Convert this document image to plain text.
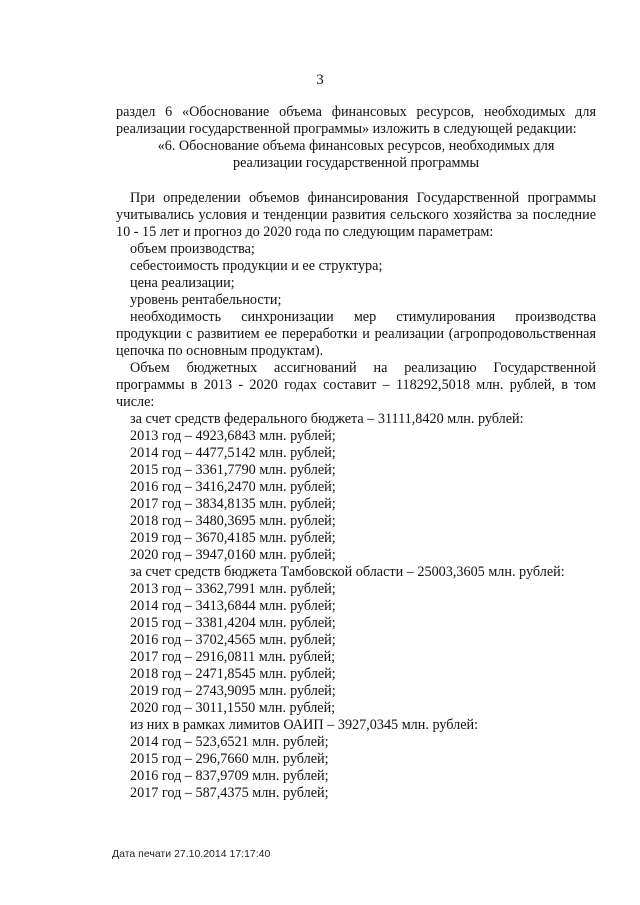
3
раздел 6 «Обоснование объема финансовых ресурсов, необходимых для
реализации государственной программы» изложить в следующей редакции:
«6. Обоснование объема финансовых ресурсов, необходимых для
реализации государственной программы
При определении объемов финансирования Государственной программы
учитывались условия и тенденции развития сельского хозяйства за последние
10 - 15 лет и прогноз до 2020 года по следующим параметрам:
объем производства;
себестоимость продукции и ее структура;
цена реализации;
уровень рентабельности;
необходимость синхронизации мер стимулирования производства
продукции с развитием ее переработки и реализации (агропродовольственная
цепочка по основным продуктам).
Объем бюджетных ассигнований на реализацию Государственной
программы в 2013 - 2020 годах составит – 118292,5018 млн. рублей, в том
числе:
за счет средств федерального бюджета – 31111,8420 млн. рублей:
2013 год – 4923,6843 млн. рублей;
2014 год – 4477,5142 млн. рублей;
2015 год – 3361,7790 млн. рублей;
2016 год – 3416,2470 млн. рублей;
2017 год – 3834,8135 млн. рублей;
2018 год – 3480,3695 млн. рублей;
2019 год – 3670,4185 млн. рублей;
2020 год – 3947,0160 млн. рублей;
за счет средств бюджета Тамбовской области – 25003,3605 млн. рублей:
2013 год – 3362,7991 млн. рублей;
2014 год – 3413,6844 млн. рублей;
2015 год – 3381,4204 млн. рублей;
2016 год – 3702,4565 млн. рублей;
2017 год – 2916,0811 млн. рублей;
2018 год – 2471,8545 млн. рублей;
2019 год – 2743,9095 млн. рублей;
2020 год – 3011,1550 млн. рублей;
из них в рамках лимитов ОАИП – 3927,0345 млн. рублей:
2014 год – 523,6521 млн. рублей;
2015 год – 296,7660 млн. рублей;
2016 год – 837,9709 млн. рублей;
2017 год – 587,4375 млн. рублей;
Дата печати 27.10.2014 17:17:40
